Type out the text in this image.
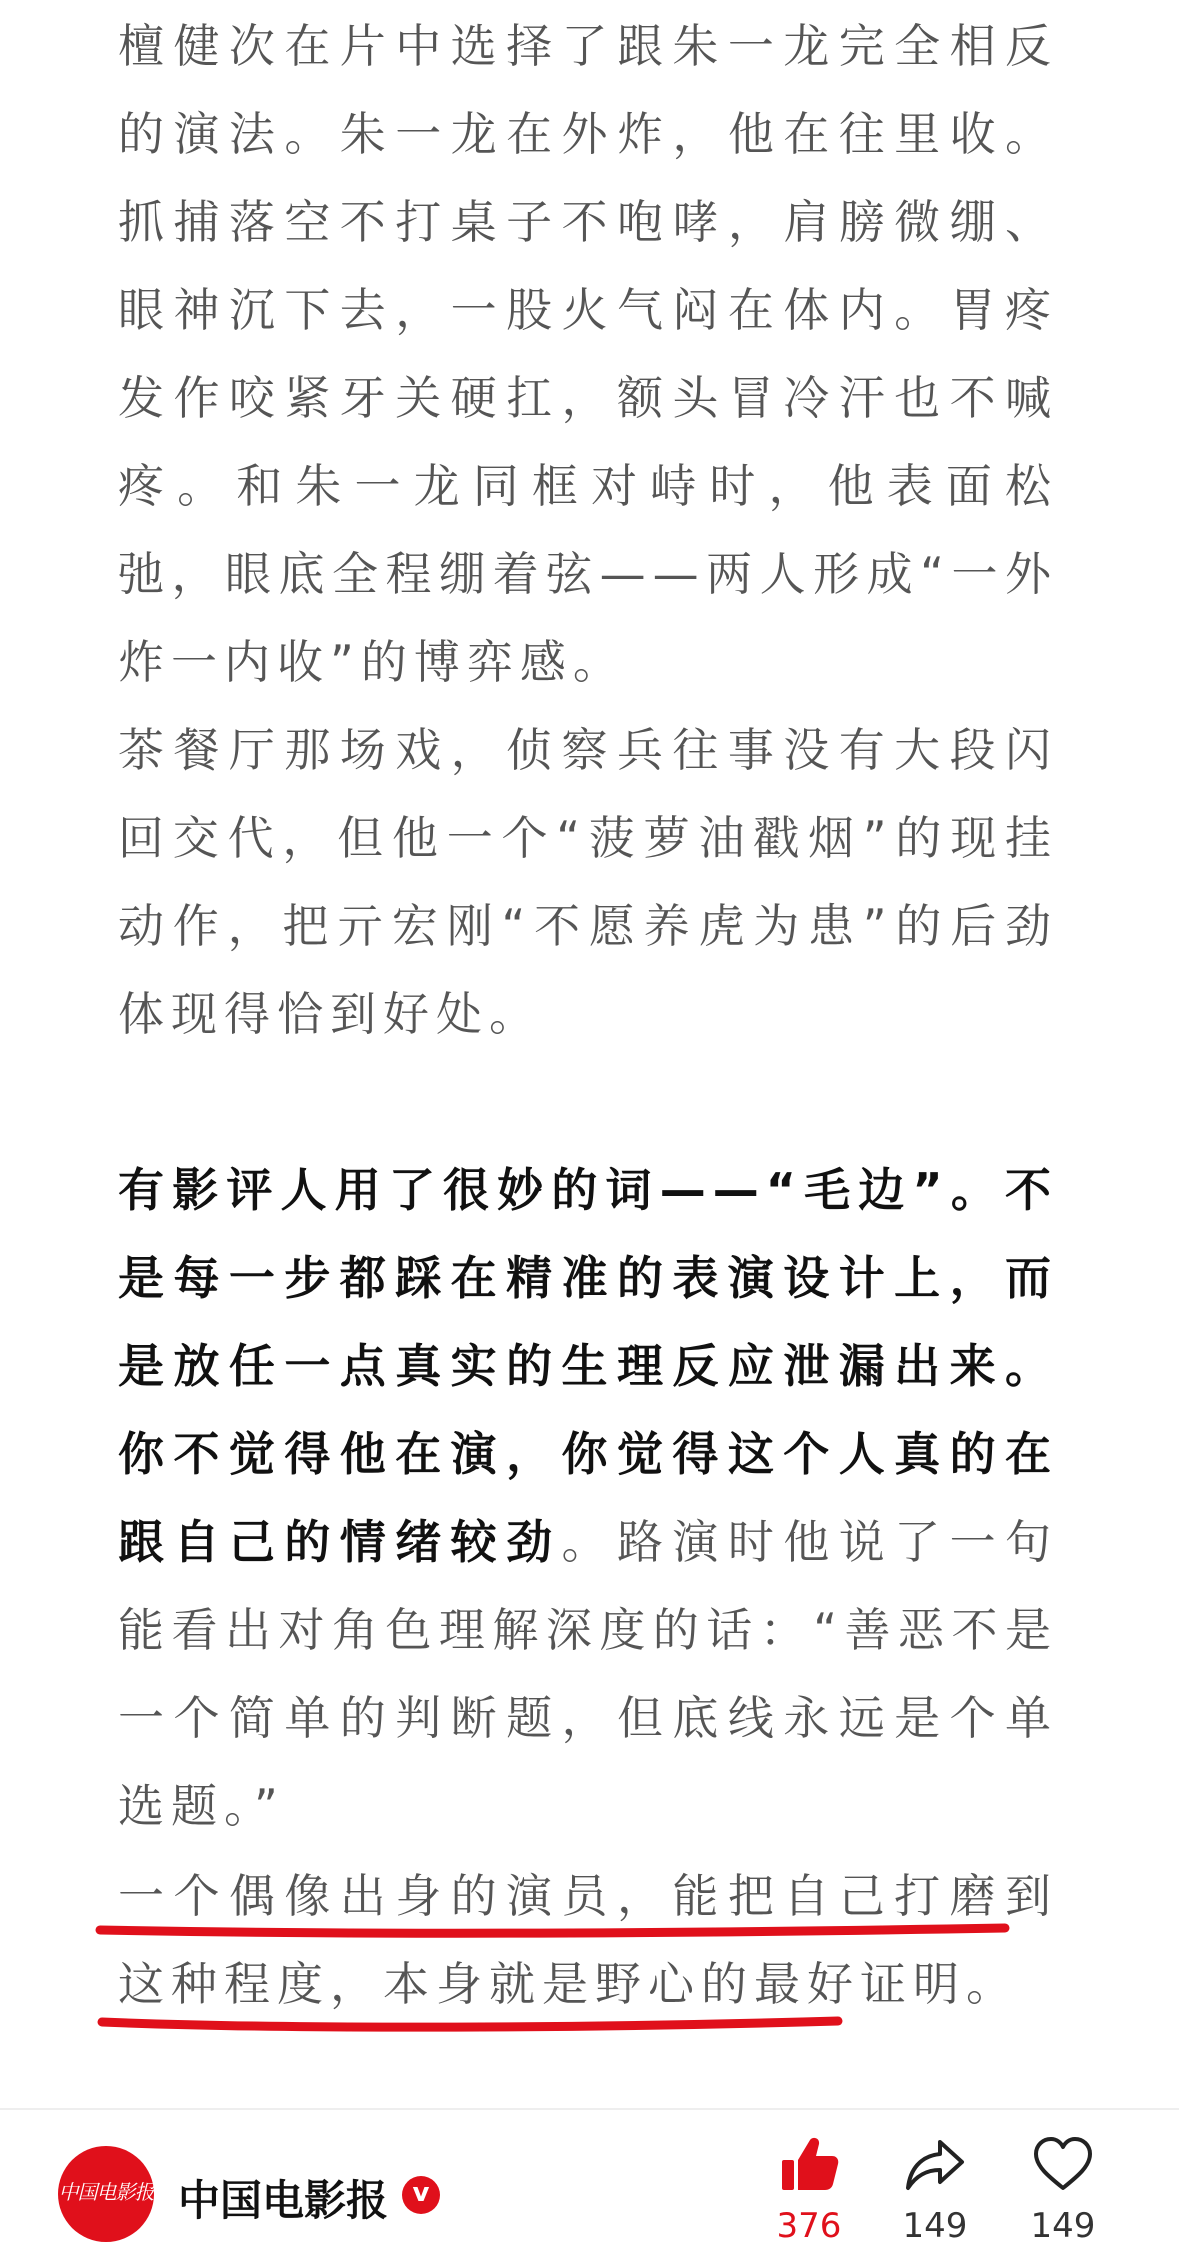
檀健次在片中选择了跟朱一龙完全相反的演法。朱一龙在外炸，他在往里收。抓捕落空不打桌子不咆哮，肩膀微绷、眼神沉下去，一股火气闷在体内。胃疼发作咬紧牙关硬扛，额头冒冷汗也不喊疼。和朱一龙同框对峙时，他表面松弛，眼底全程绷着弦——两人形成“一外炸一内收”的博弈感。

茶餐厅那场戏，侦察兵往事没有大段闪回交代，但他一个“菠萝油戳烟”的现挂动作，把亓宏刚“不愿养虎为患”的后劲体现得恰到好处。

有影评人用了很妙的词——“毛边”。不是每一步都踩在精准的表演设计上，而是放任一点真实的生理反应泄漏出来。你不觉得他在演，你觉得这个人真的在跟自己的情绪较劲。路演时他说了一句能看出对角色理解深度的话：“善恶不是一个简单的判断题，但底线永远是个单选题。”

一个偶像出身的演员，能把自己打磨到这种程度，本身就是野心的最好证明。

中国电影报 中国电影报 v
376	149	149
